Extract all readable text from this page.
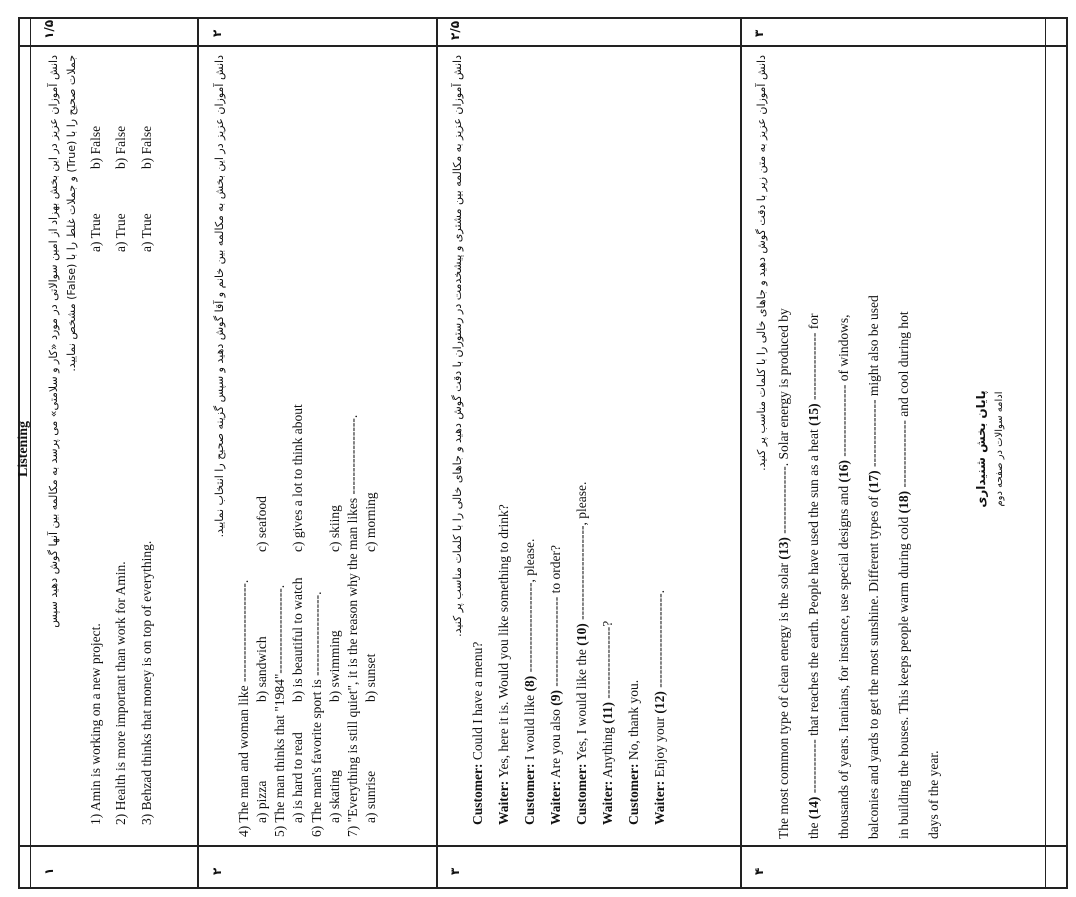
Listening
۱
۱/۵
دانش آموزان عزیز در این بخش بهزاد از امین سوالاتی در مورد «کار و سلامتی» می پرسد به مکالمه بین آنها گوش دهید سپس جملات صحیح را با (True) و جملات غلط را با (False) مشخص نمایید.
1) Amin is working on a new project.
a) True
b) False
2) Health is more important than work for Amin.
a) True
b) False
3) Behzad thinks that money is on top of everything.
a) True
b) False
۲
۲
دانش آموزان عزیز در این بخش به مکالمه بین خانم و آقا گوش دهید و سپس گزینه صحیح را انتخاب نمایید.
4) The man and woman like ----------------------. a) pizza
b) sandwich
c) seafood
5) The man thinks that "1984"-------------------. a) is hard to read
b) is beautiful to watch
c) gives a lot to think about
6) The man's favorite sport is ------------------. a) skating
b) swimming
c) skiing 7) "Everything is still quiet", it is the reason why the man likes -----------------. a) sunrise
b) sunset
c) morning
۳
۲/۵
دانش آموزان عزیز به مکالمه بین مشتری و پیشخدمت در رستوران با دقت گوش دهید و جاهای خالی را با کلمات مناسب پر کنید.
Customer: Could I have a menu?
Waiter: Yes, here it is. Would you like something to drink?
Customer: I would like (8) --------------------, please.
Waiter: Are you also (9) -------------------- to order?
Customer: Yes, I would like the (10) ---------------------, please.
Waiter: Anything (11) ----------------?
Customer: No, thank you.
Waiter: Enjoy your (12) ---------------------.
۴
۳
دانش آموزان عزیز به متن زیر با دقت گوش دهید و جاهای خالی را با کلمات مناسب پر کنید.
The most common type of clean energy is the solar (13) ---------------. Solar energy is produced by
the (14) ------------ that reaches the earth. People have used the sun as a heat (15) --------------- for
thousands of years. Iranians, for instance, use special designs and (16) ---------------- of windows,
balconies and yards to get the most sunshine. Different types of (17) --------------- might also be used
in building the houses. This keeps people warm during cold (18) --------------- and cool during hot
days of the year.
پایان بخش شنیداری ادامه سوالات در صفحه دوم
